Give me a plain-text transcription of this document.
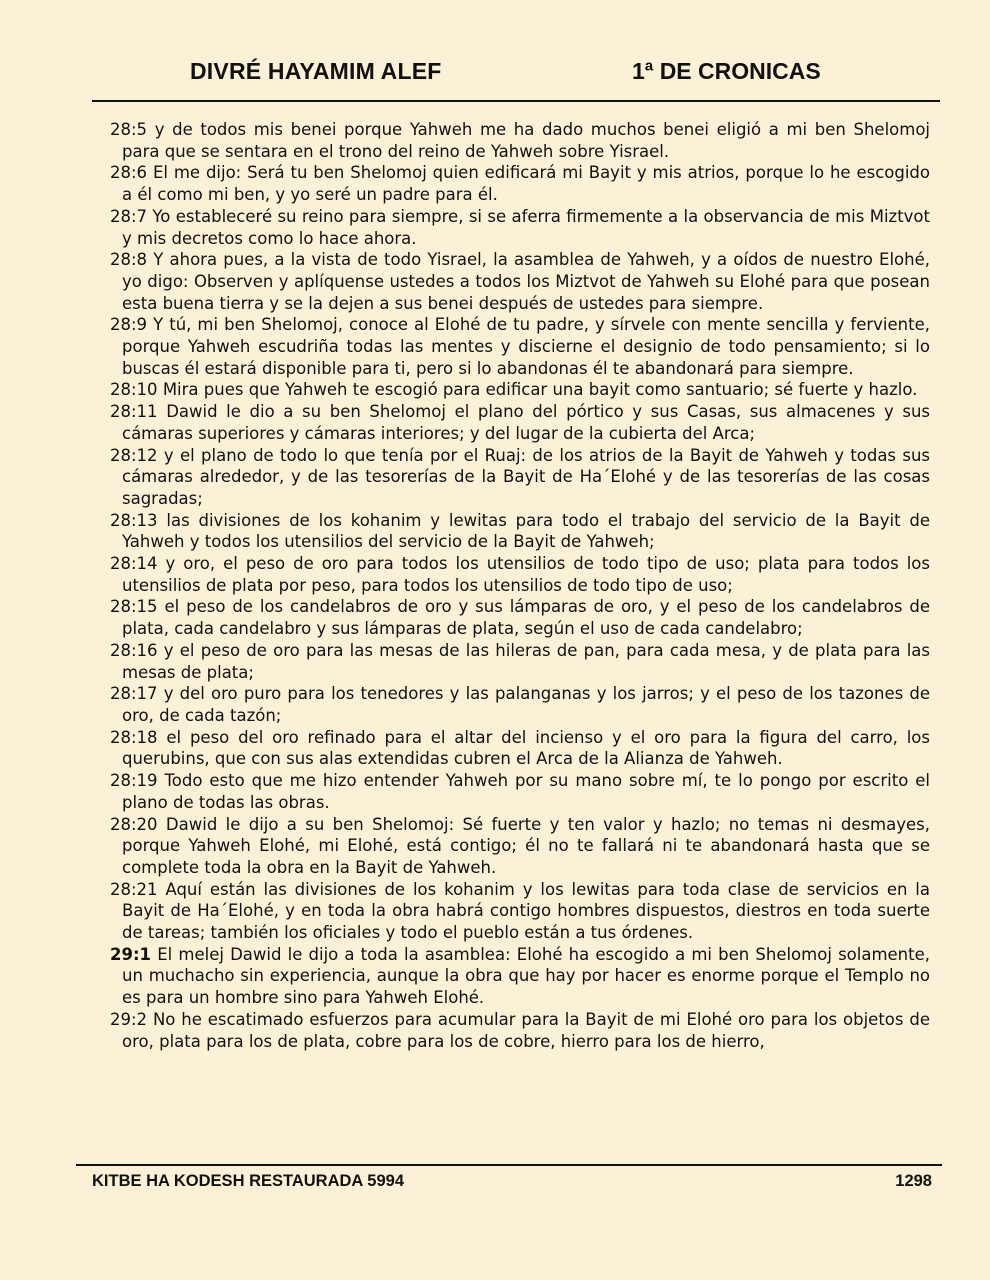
DIVRÉ HAYAMIM ALEF	1ª DE CRONICAS
28:5 y de todos mis benei porque Yahweh me ha dado muchos benei eligió a mi ben Shelomoj para que se sentara en el trono del reino de Yahweh sobre Yisrael.
28:6 El me dijo: Será tu ben Shelomoj quien edificará mi Bayit y mis atrios, porque lo he escogido a él como mi ben, y yo seré un padre para él.
28:7 Yo estableceré su reino para siempre, si se aferra firmemente a la observancia de mis Miztvot y mis decretos como lo hace ahora.
28:8 Y ahora pues, a la vista de todo Yisrael, la asamblea de Yahweh, y a oídos de nuestro Elohé, yo digo: Observen y aplíquense ustedes a todos los Miztvot de Yahweh su Elohé para que posean esta buena tierra y se la dejen a sus benei después de ustedes para siempre.
28:9 Y tú, mi ben Shelomoj, conoce al Elohé de tu padre, y sírvele con mente sencilla y ferviente, porque Yahweh escudriña todas las mentes y discierne el designio de todo pensamiento; si lo buscas él estará disponible para ti, pero si lo abandonas él te abandonará para siempre.
28:10 Mira pues que Yahweh te escogió para edificar una bayit como santuario; sé fuerte y hazlo.
28:11 Dawid le dio a su ben Shelomoj el plano del pórtico y sus Casas, sus almacenes y sus cámaras superiores y cámaras interiores; y del lugar de la cubierta del Arca;
28:12 y el plano de todo lo que tenía por el Ruaj: de los atrios de la Bayit de Yahweh y todas sus cámaras alrededor, y de las tesorerías de la Bayit de Ha´Elohé y de las tesorerías de las cosas sagradas;
28:13 las divisiones de los kohanim y lewitas para todo el trabajo del servicio de la Bayit de Yahweh y todos los utensilios del servicio de la Bayit de Yahweh;
28:14 y oro, el peso de oro para todos los utensilios de todo tipo de uso; plata para todos los utensilios de plata por peso, para todos los utensilios de todo tipo de uso;
28:15 el peso de los candelabros de oro y sus lámparas de oro, y el peso de los candelabros de plata, cada candelabro y sus lámparas de plata, según el uso de cada candelabro;
28:16 y el peso de oro para las mesas de las hileras de pan, para cada mesa, y de plata para las mesas de plata;
28:17 y del oro puro para los tenedores y las palanganas y los jarros; y el peso de los tazones de oro, de cada tazón;
28:18 el peso del oro refinado para el altar del incienso y el oro para la figura del carro, los querubins, que con sus alas extendidas cubren el Arca de la Alianza de Yahweh.
28:19 Todo esto que me hizo entender Yahweh por su mano sobre mí, te lo pongo por escrito el plano de todas las obras.
28:20 Dawid le dijo a su ben Shelomoj: Sé fuerte y ten valor y hazlo; no temas ni desmayes, porque Yahweh Elohé, mi Elohé, está contigo; él no te fallará ni te abandonará hasta que se complete toda la obra en la Bayit de Yahweh.
28:21 Aquí están las divisiones de los kohanim y los lewitas para toda clase de servicios en la Bayit de Ha´Elohé, y en toda la obra habrá contigo hombres dispuestos, diestros en toda suerte de tareas; también los oficiales y todo el pueblo están a tus órdenes.
29:1 El melej Dawid le dijo a toda la asamblea: Elohé ha escogido a mi ben Shelomoj solamente, un muchacho sin experiencia, aunque la obra que hay por hacer es enorme porque el Templo no es para un hombre sino para Yahweh Elohé.
29:2 No he escatimado esfuerzos para acumular para la Bayit de mi Elohé oro para los objetos de oro, plata para los de plata, cobre para los de cobre, hierro para los de hierro,
KITBE HA KODESH RESTAURADA 5994	1298
